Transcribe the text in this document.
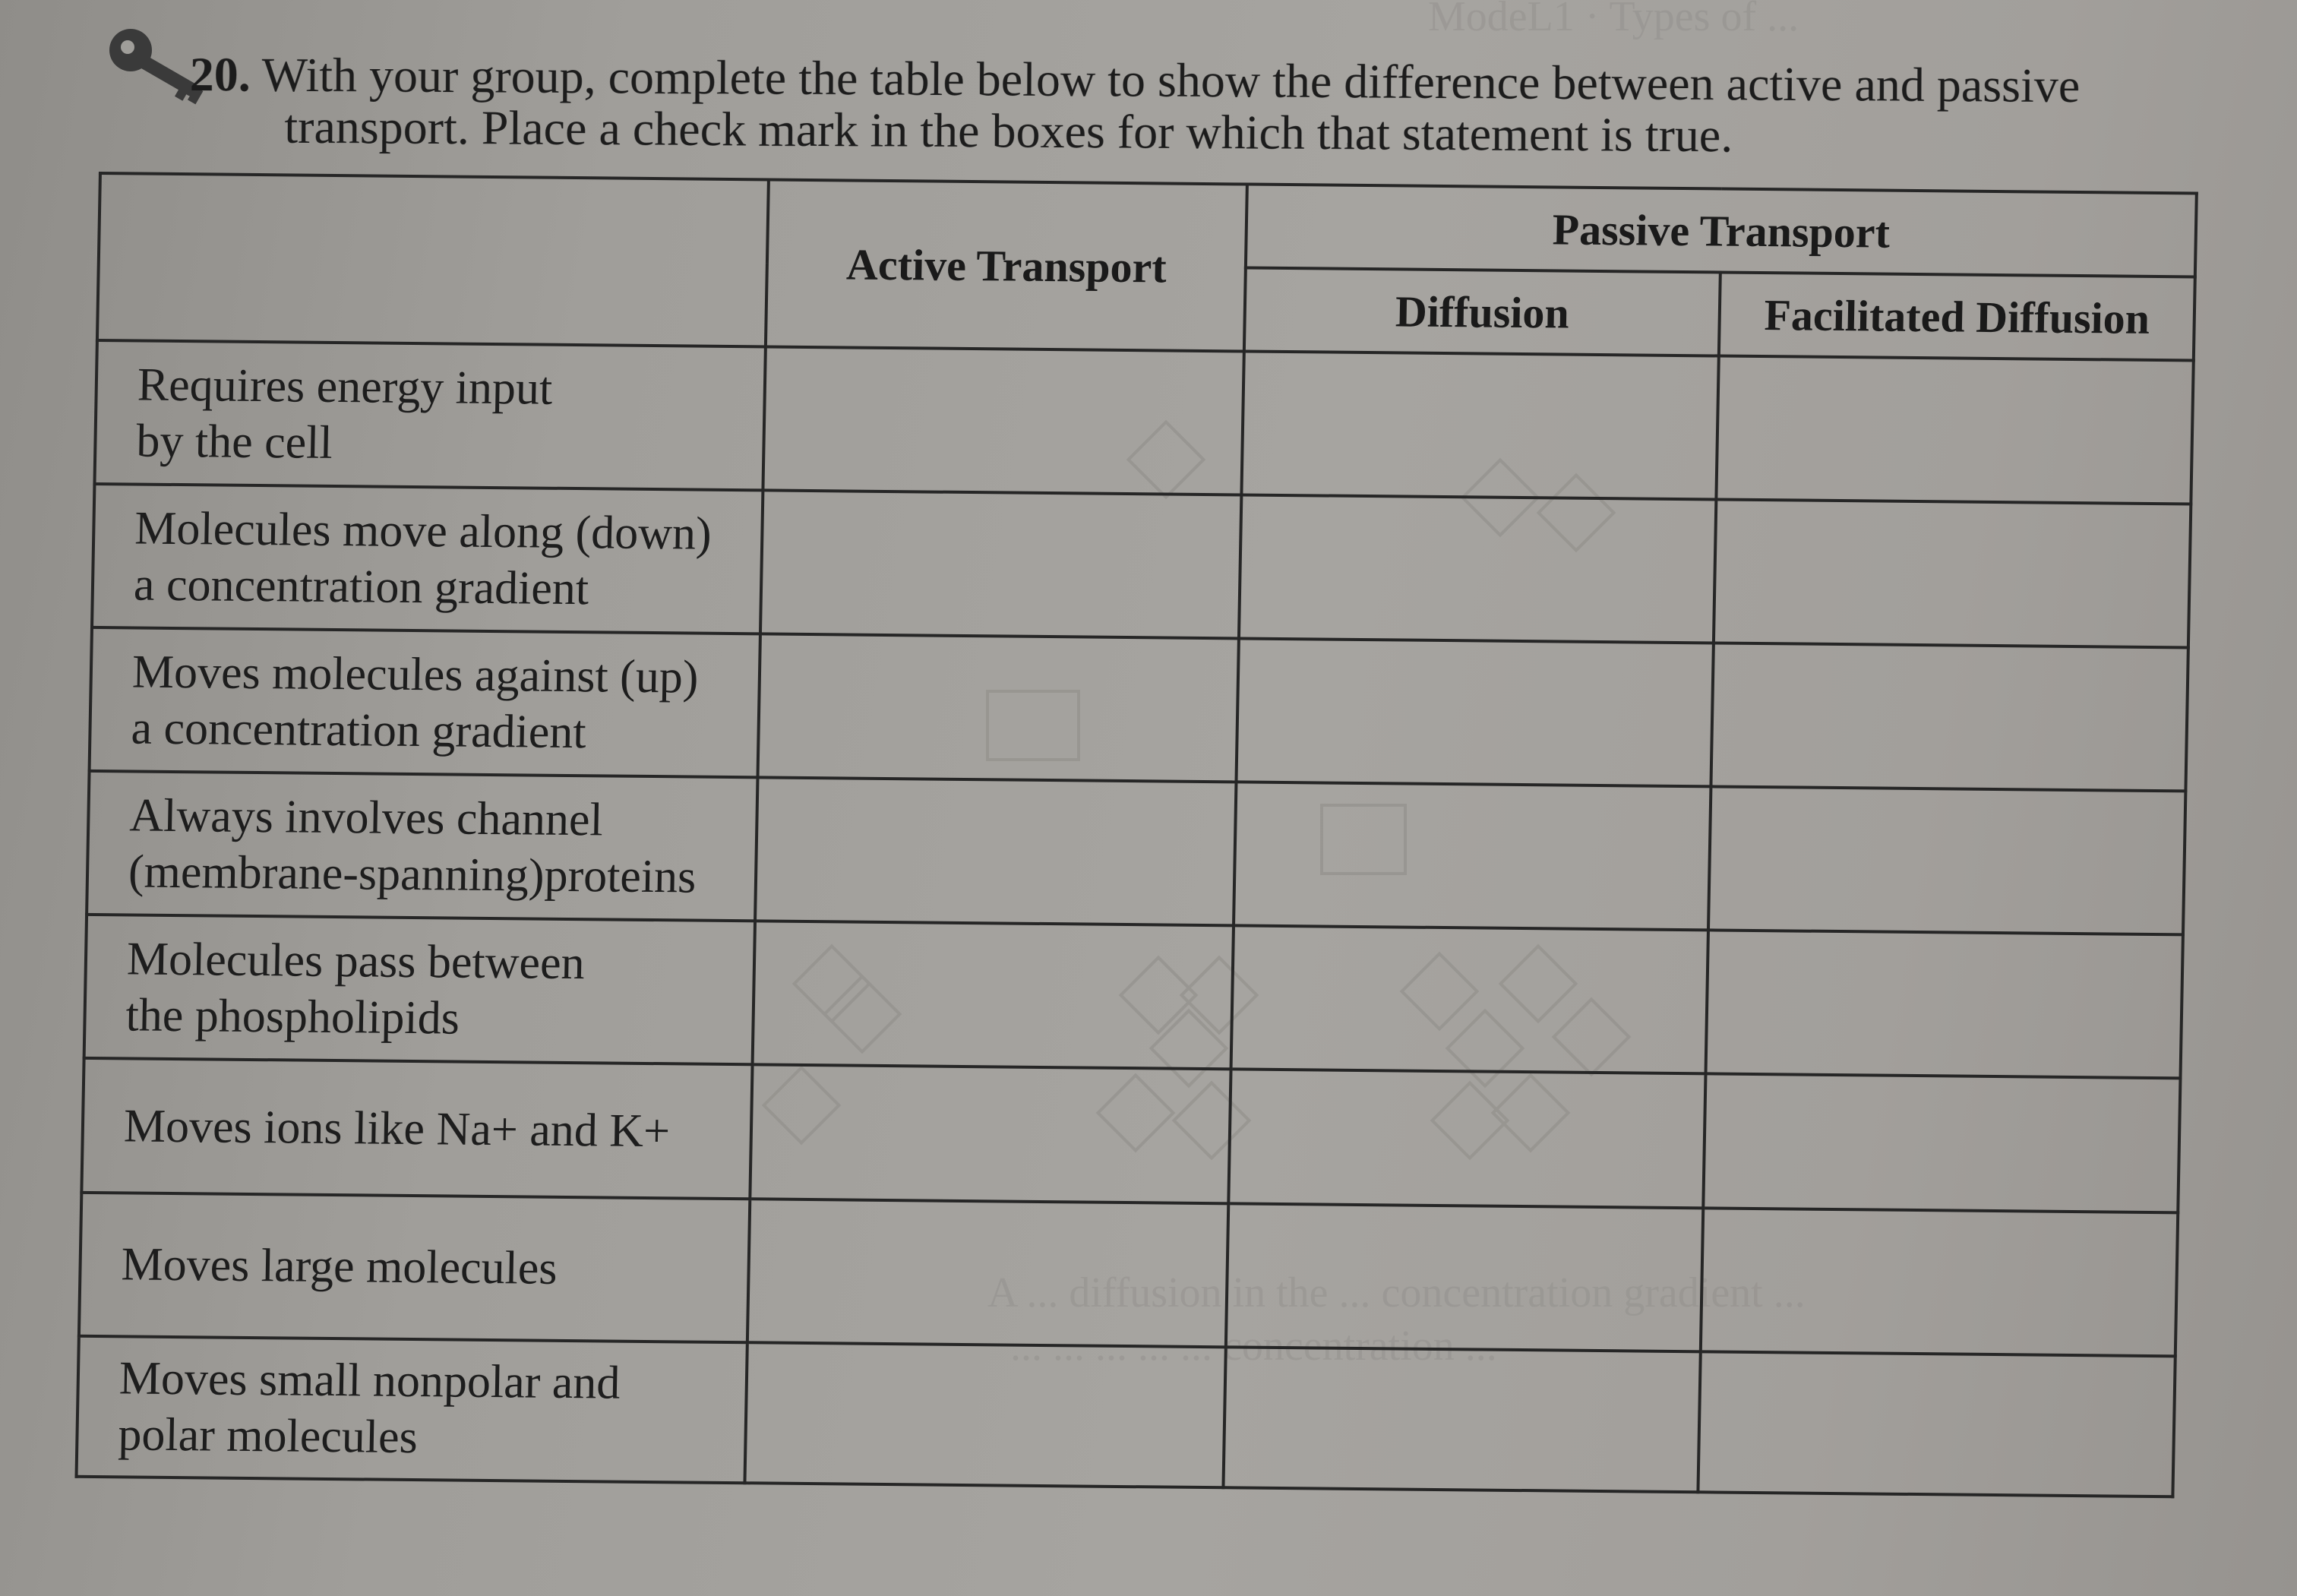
ModeL1 · Types of ...
A ... diffusion in the ... concentration gradient ...
... ... ... ... ... concentration ...
20. With your group, complete the table below to show the difference between active and passive
transport. Place a check mark in the boxes for which that statement is true.
	Active Transport	Passive Transport	
		Diffusion	Facilitated Diffusion

Requires energy input
by the cell			

Molecules move along (down)
a concentration gradient			

Moves molecules against (up)
a concentration gradient			

Always involves channel
(membrane-spanning)proteins			

Molecules pass between
the phospholipids			

Moves ions like Na+ and K+			

Moves large molecules			

Moves small nonpolar and
polar molecules			
